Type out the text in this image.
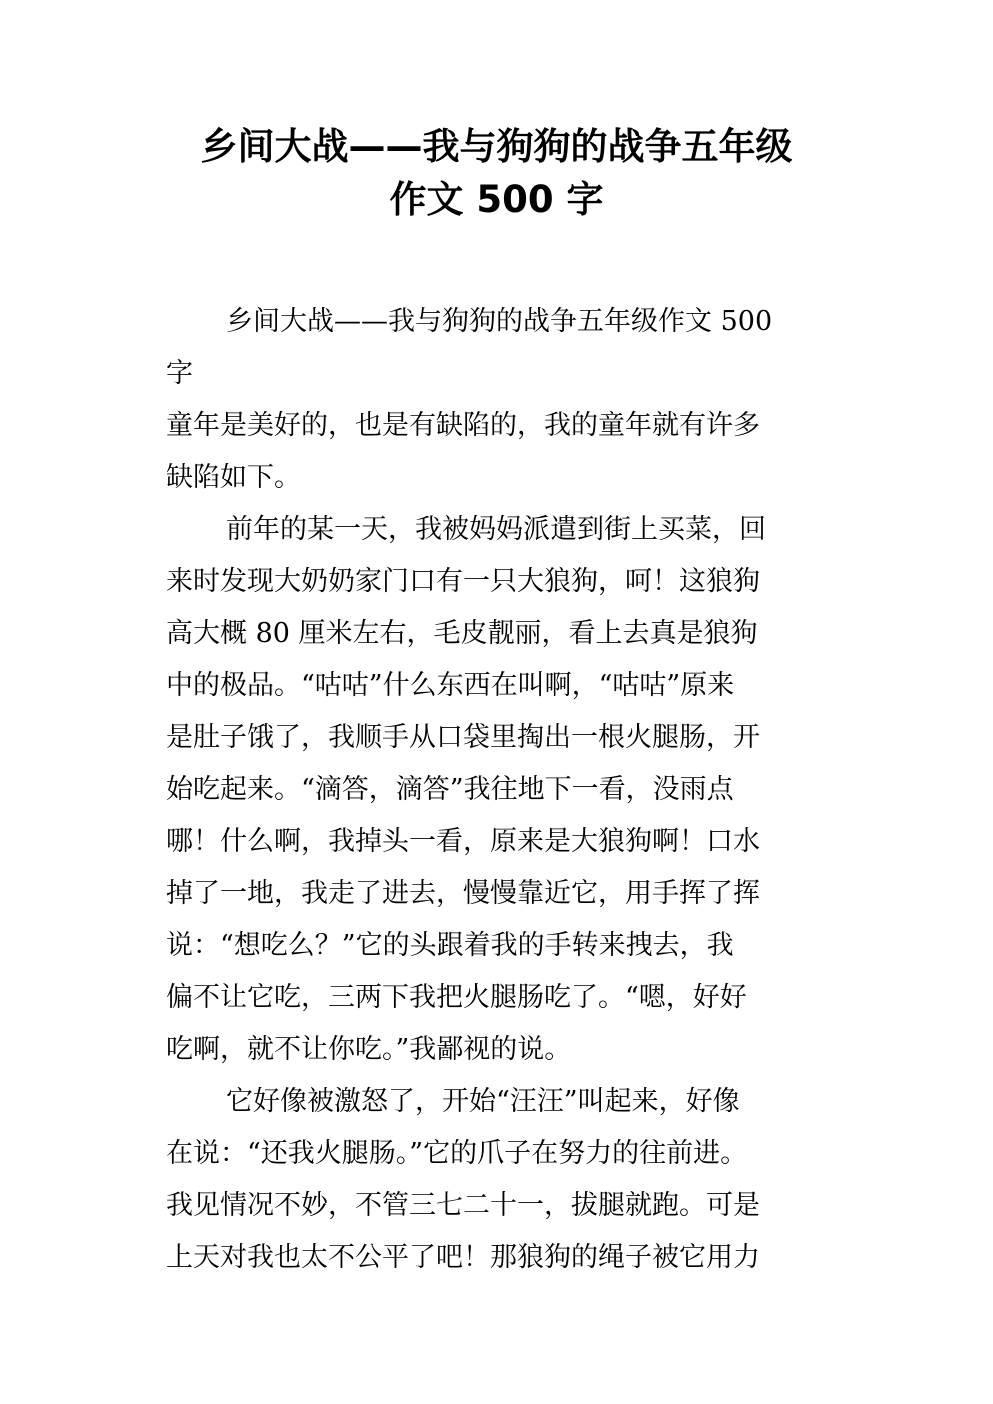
乡间大战——我与狗狗的战争五年级
作文 500 字
乡间大战——我与狗狗的战争五年级作文 500
字
童年是美好的，也是有缺陷的，我的童年就有许多
缺陷如下。
前年的某一天，我被妈妈派遣到街上买菜，回
来时发现大奶奶家门口有一只大狼狗，呵！这狼狗
高大概 80 厘米左右，毛皮靓丽，看上去真是狼狗
中的极品。“咕咕”什么东西在叫啊，“咕咕”原来
是肚子饿了，我顺手从口袋里掏出一根火腿肠，开
始吃起来。“滴答，滴答”我往地下一看，没雨点
哪！什么啊，我掉头一看，原来是大狼狗啊！口水
掉了一地，我走了进去，慢慢靠近它，用手挥了挥
说：“想吃么？”它的头跟着我的手转来拽去，我
偏不让它吃，三两下我把火腿肠吃了。“嗯，好好
吃啊，就不让你吃。”我鄙视的说。
它好像被激怒了，开始“汪汪”叫起来，好像
在说：“还我火腿肠。”它的爪子在努力的往前进。
我见情况不妙，不管三七二十一，拔腿就跑。可是
上天对我也太不公平了吧！那狼狗的绳子被它用力
